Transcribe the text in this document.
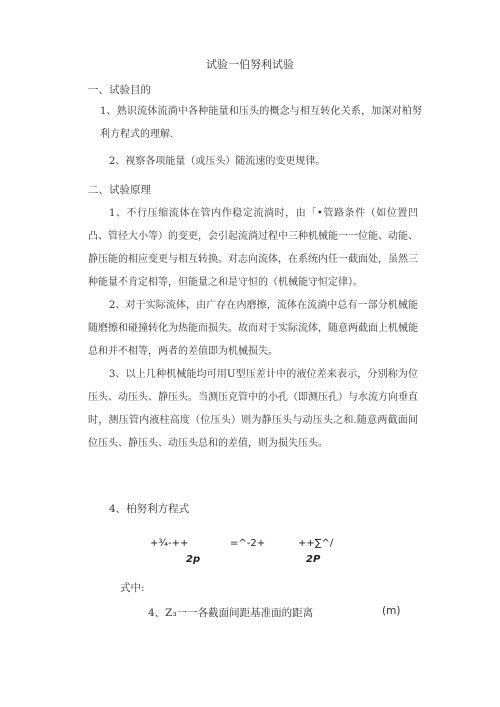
试验一伯努利试验
一、试验目的

1、熟识流体流淌中各种能量和压头的概念与相互转化关系，加深对柏努利方程式的理解.

2、视察各项能量（或压头）随流速的变更规律。

二、试验原理

1、不行压缩流体在管内作稳定流淌时，由「•管路条件（如位置凹凸、管径大小等）的变更，会引起流淌过程中三种机械能一一位能、动能、静压能的相应变更与相互转换。对志向流体，在系统内任一截面处，虽然三种能量不肯定相等，但能量之和是守恒的（机械能守恒定律）。

2、对于实际流体，由广存在内磨擦，流体在流淌中总有一部分机械能随磨擦和碰撞转化为热能而损失。故而对于实际流体，随意两截面上机械能总和并不相等，两者的差值即为机械损失。

3、以上几种机械能均可用U型压差计中的液位差来表示，分别称为位压头、动压头、静压头。当测压克管中的小孔（即测压孔）与水流方向垂直时，测压管内液柱高度（位压头）则为静压头与动压头之和.随意两截面间位压头、静压头、动压头总和的差值，则为损失压头。

4、柏努利方程式
+¾-++	=^-2+	++∑^∕
2p	2P
式中:
4、Z₃一一各截面间距基准面的距离	(m)
